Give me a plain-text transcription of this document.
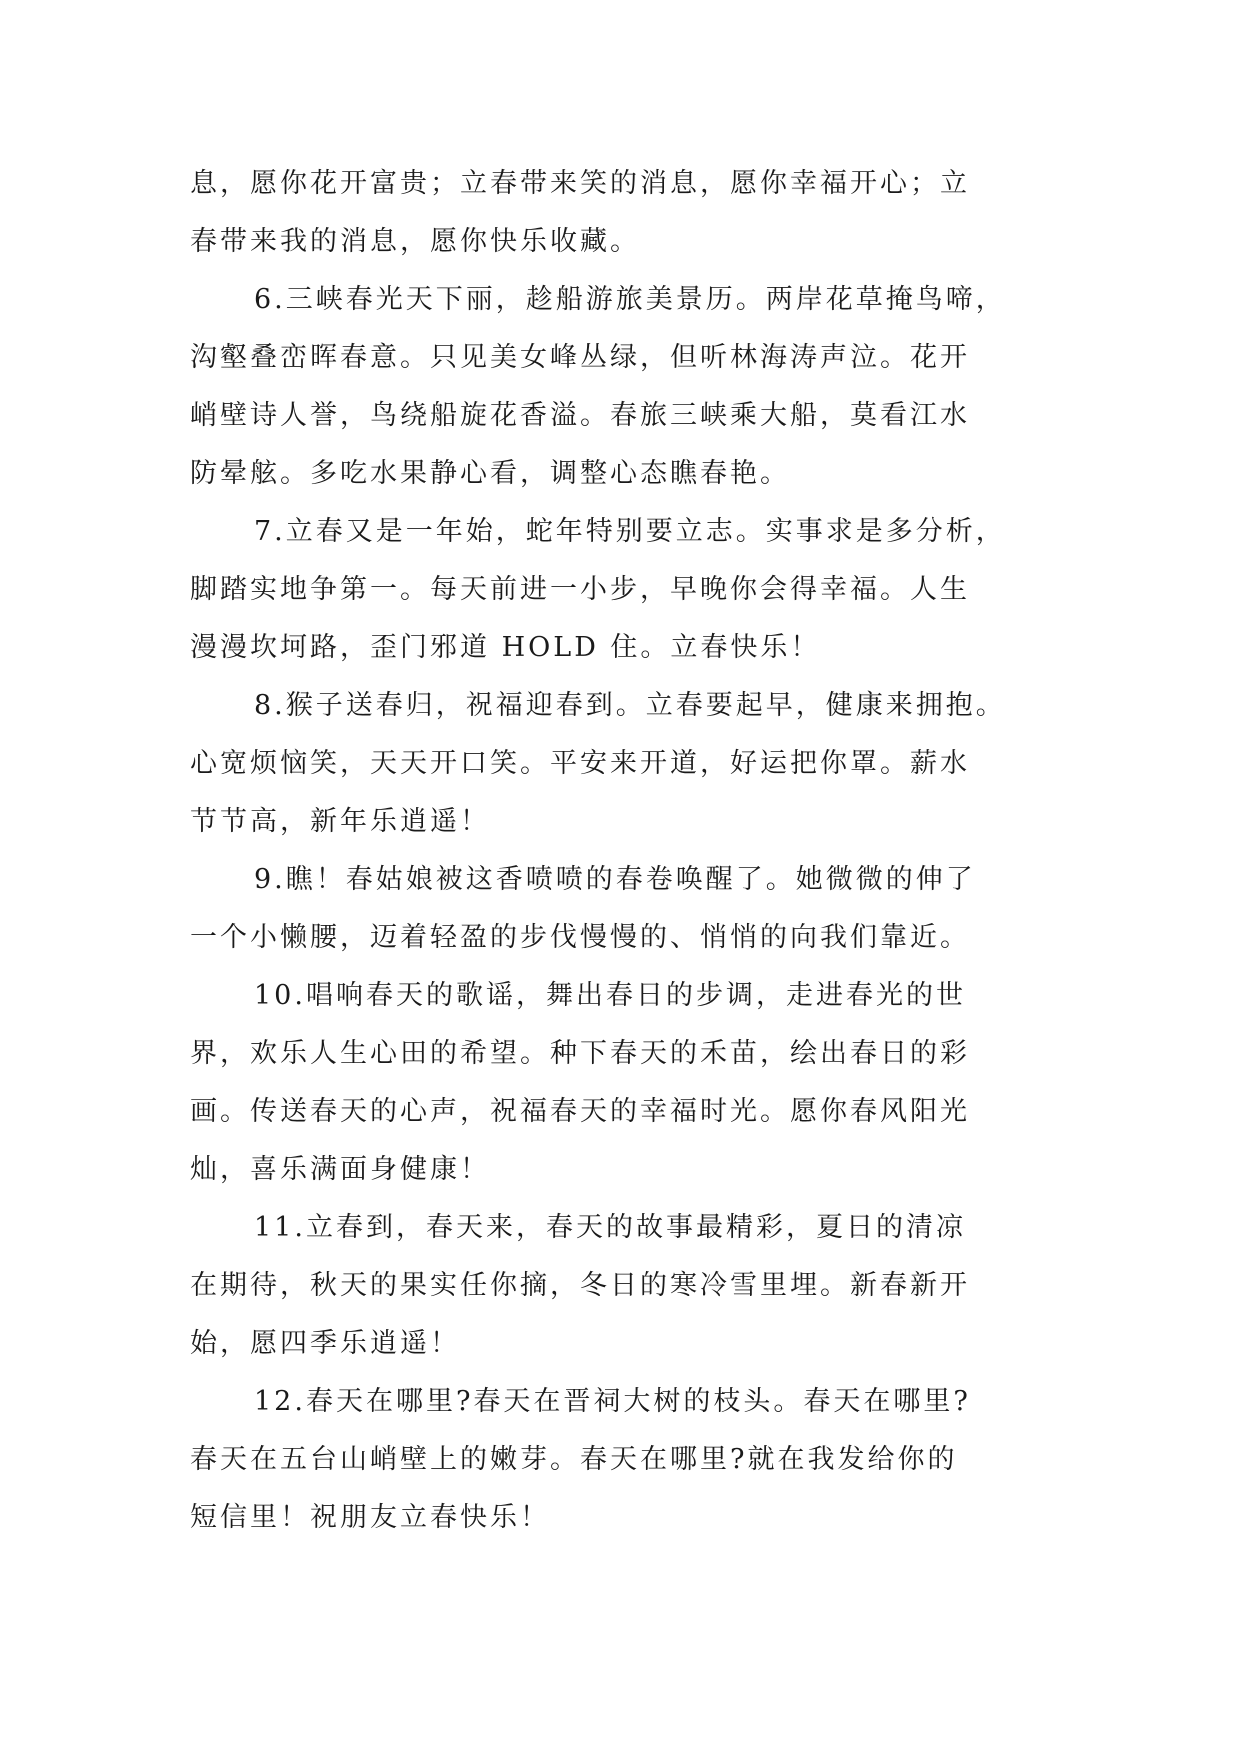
息，愿你花开富贵；立春带来笑的消息，愿你幸福开心；立
春带来我的消息，愿你快乐收藏。
6.三峡春光天下丽，趁船游旅美景历。两岸花草掩鸟啼，
沟壑叠峦晖春意。只见美女峰丛绿，但听林海涛声泣。花开
峭壁诗人誉，鸟绕船旋花香溢。春旅三峡乘大船，莫看江水
防晕舷。多吃水果静心看，调整心态瞧春艳。
7.立春又是一年始，蛇年特别要立志。实事求是多分析，
脚踏实地争第一。每天前进一小步，早晚你会得幸福。人生
漫漫坎坷路，歪门邪道 HOLD 住。立春快乐！
8.猴子送春归，祝福迎春到。立春要起早，健康来拥抱。
心宽烦恼笑，天天开口笑。平安来开道，好运把你罩。薪水
节节高，新年乐逍遥！
9.瞧！春姑娘被这香喷喷的春卷唤醒了。她微微的伸了
一个小懒腰，迈着轻盈的步伐慢慢的、悄悄的向我们靠近。
10.唱响春天的歌谣，舞出春日的步调，走进春光的世
界，欢乐人生心田的希望。种下春天的禾苗，绘出春日的彩
画。传送春天的心声，祝福春天的幸福时光。愿你春风阳光
灿，喜乐满面身健康！
11.立春到，春天来，春天的故事最精彩，夏日的清凉
在期待，秋天的果实任你摘，冬日的寒冷雪里埋。新春新开
始，愿四季乐逍遥！
12.春天在哪里?春天在晋祠大树的枝头。春天在哪里?
春天在五台山峭壁上的嫩芽。春天在哪里?就在我发给你的
短信里！祝朋友立春快乐！
